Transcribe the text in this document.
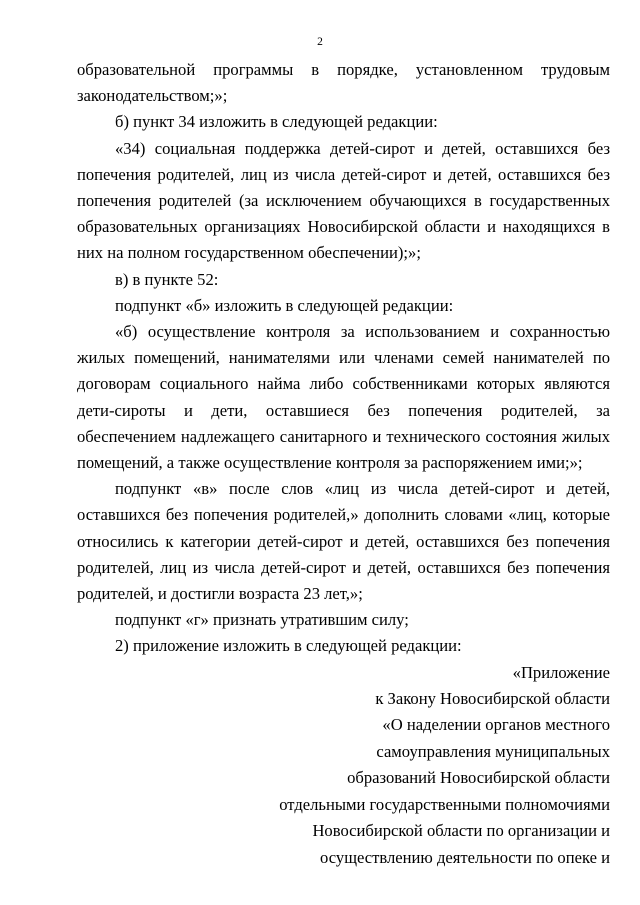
2

образовательной программы в порядке, установленном трудовым законодательством;»;

б) пункт 34 изложить в следующей редакции:

«34) социальная поддержка детей-сирот и детей, оставшихся без попечения родителей, лиц из числа детей-сирот и детей, оставшихся без попечения родителей (за исключением обучающихся в государственных образовательных организациях Новосибирской области и находящихся в них на полном государственном обеспечении);»;

в) в пункте 52:

подпункт «б» изложить в следующей редакции:

«б) осуществление контроля за использованием и сохранностью жилых помещений, нанимателями или членами семей нанимателей по договорам социального найма либо собственниками которых являются дети-сироты и дети, оставшиеся без попечения родителей, за обеспечением надлежащего санитарного и технического состояния жилых помещений, а также осуществление контроля за распоряжением ими;»;

подпункт «в» после слов «лиц из числа детей-сирот и детей, оставшихся без попечения родителей,» дополнить словами «лиц, которые относились к категории детей-сирот и детей, оставшихся без попечения родителей, лиц из числа детей-сирот и детей, оставшихся без попечения родителей, и достигли возраста 23 лет,»;

подпункт «г» признать утратившим силу;

2) приложение изложить в следующей редакции:

«Приложение
к Закону Новосибирской области
«О наделении органов местного
самоуправления муниципальных
образований Новосибирской области
отдельными государственными полномочиями
Новосибирской области по организации и
осуществлению деятельности по опеке и
